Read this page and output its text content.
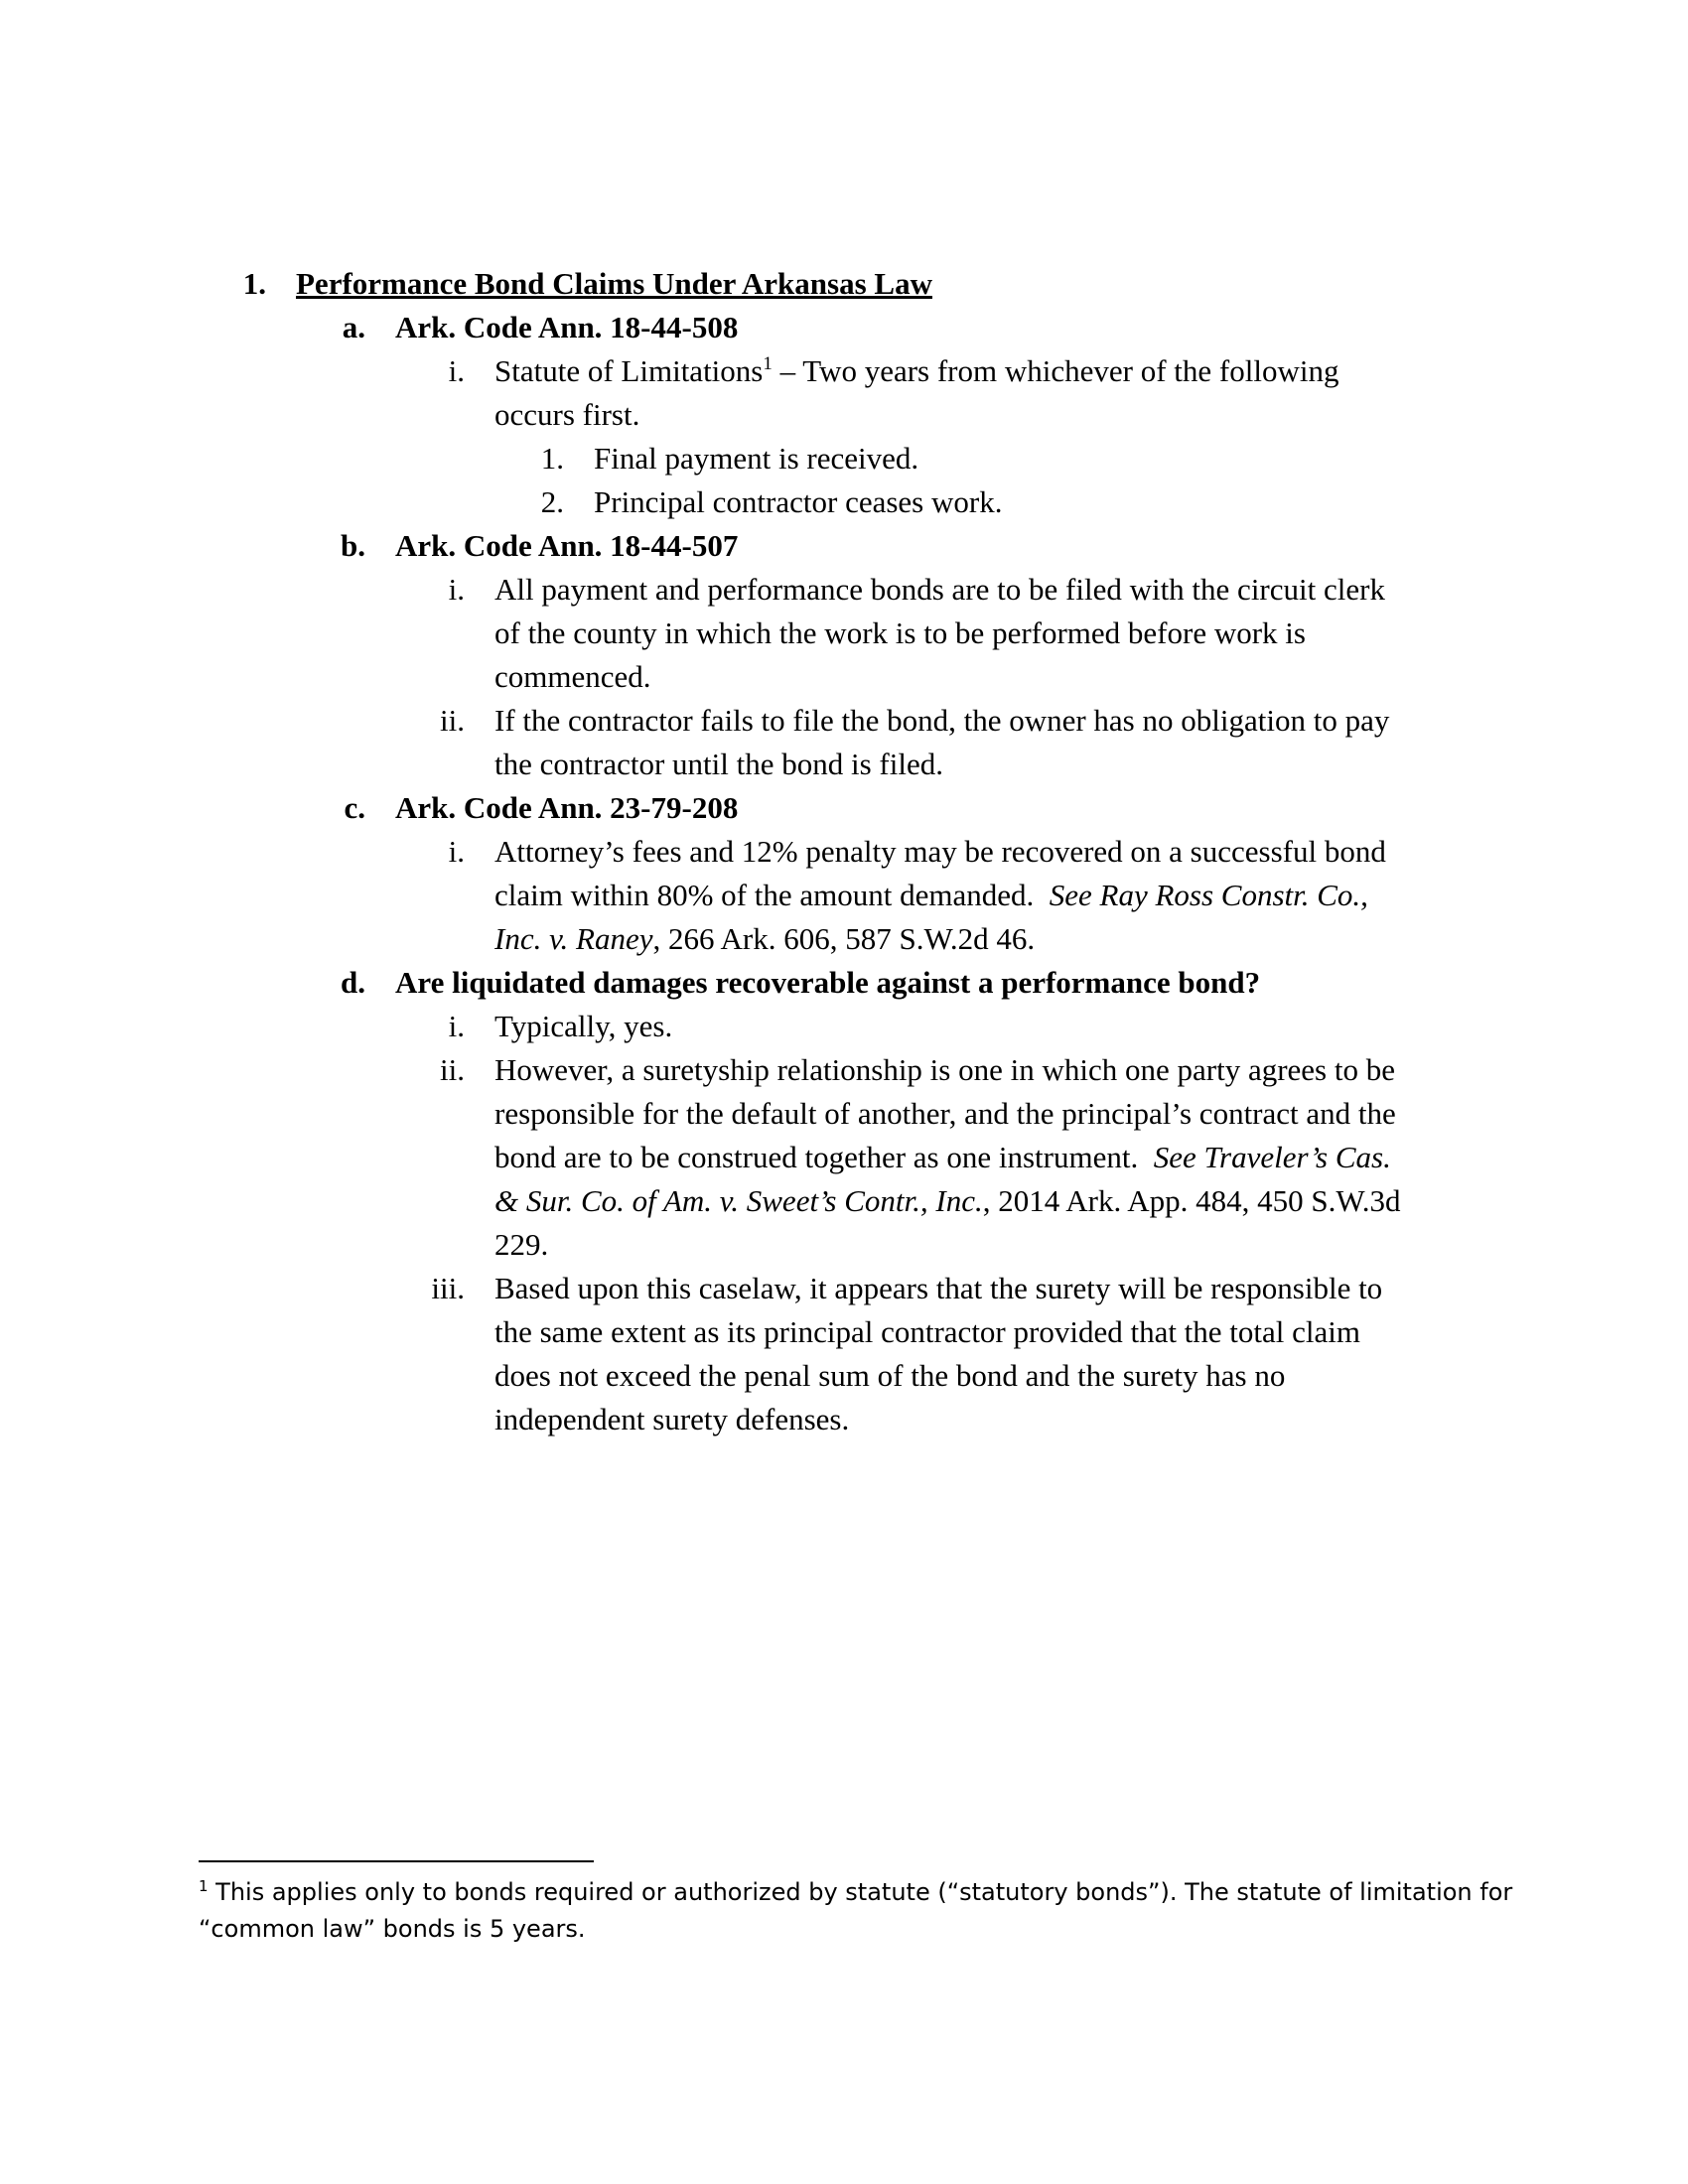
1. Performance Bond Claims Under Arkansas Law
a. Ark. Code Ann. 18-44-508
i. Statute of Limitations$^1$ – Two years from whichever of the following
occurs first.
1. Final payment is received.
2. Principal contractor ceases work.
b. Ark. Code Ann. 18-44-507
i. All payment and performance bonds are to be filed with the circuit clerk
of the county in which the work is to be performed before work is
commenced.
ii. If the contractor fails to file the bond, the owner has no obligation to pay
the contractor until the bond is filed.
c. Ark. Code Ann. 23-79-208
i. Attorney’s fees and 12% penalty may be recovered on a successful bond
claim within 80% of the amount demanded.  See Ray Ross Constr. Co.,
Inc. v. Raney, 266 Ark. 606, 587 S.W.2d 46.
d. Are liquidated damages recoverable against a performance bond?
i. Typically, yes.
ii. However, a suretyship relationship is one in which one party agrees to be
responsible for the default of another, and the principal’s contract and the
bond are to be construed together as one instrument.  See Traveler’s Cas.
& Sur. Co. of Am. v. Sweet’s Contr., Inc., 2014 Ark. App. 484, 450 S.W.3d
229.
iii. Based upon this caselaw, it appears that the surety will be responsible to
the same extent as its principal contractor provided that the total claim
does not exceed the penal sum of the bond and the surety has no
independent surety defenses.
$^1$ This applies only to bonds required or authorized by statute (“statutory bonds”). The statute of limitation for “common law” bonds is 5 years.
